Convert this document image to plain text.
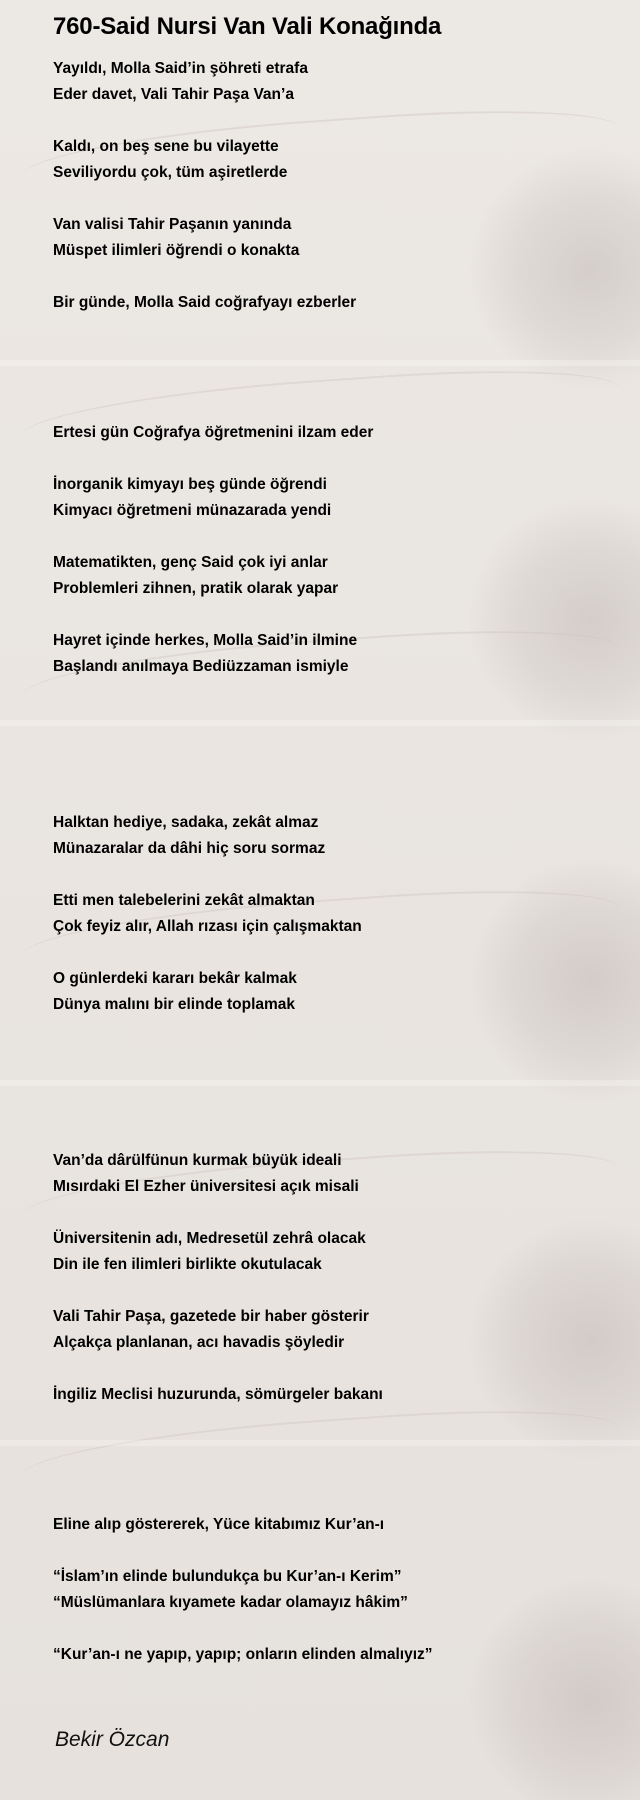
760-Said Nursi Van Vali Konağında
Yayıldı, Molla Said’in şöhreti etrafa
Eder davet, Vali Tahir Paşa Van’a
Kaldı, on beş sene bu vilayette
Seviliyordu çok, tüm aşiretlerde
Van valisi Tahir Paşanın yanında
Müspet ilimleri öğrendi o konakta
Bir günde, Molla Said coğrafyayı ezberler
Ertesi gün Coğrafya öğretmenini ilzam eder
İnorganik kimyayı beş günde öğrendi
Kimyacı öğretmeni münazarada yendi
Matematikten, genç Said çok iyi anlar
Problemleri zihnen, pratik olarak yapar
Hayret içinde herkes, Molla Said’in ilmine
Başlandı anılmaya Bediüzzaman ismiyle
Halktan hediye, sadaka, zekât almaz
Münazaralar da dâhi hiç soru sormaz
Etti men talebelerini zekât almaktan
Çok feyiz alır, Allah rızası için çalışmaktan
O günlerdeki kararı bekâr kalmak
Dünya malını bir elinde toplamak
Van’da dârülfünun kurmak büyük ideali
Mısırdaki El Ezher üniversitesi açık misali
Üniversitenin adı, Medresetül zehrâ olacak
Din ile fen ilimleri birlikte okutulacak
Vali Tahir Paşa, gazetede bir haber gösterir
Alçakça planlanan, acı havadis şöyledir
İngiliz Meclisi huzurunda, sömürgeler bakanı
Eline alıp göstererek, Yüce kitabımız Kur’an-ı
“İslam’ın elinde bulundukça bu Kur’an-ı Kerim”
“Müslümanlara kıyamete kadar olamayız hâkim”
“Kur’an-ı ne yapıp, yapıp; onların elinden almalıyız”
Bekir Özcan
